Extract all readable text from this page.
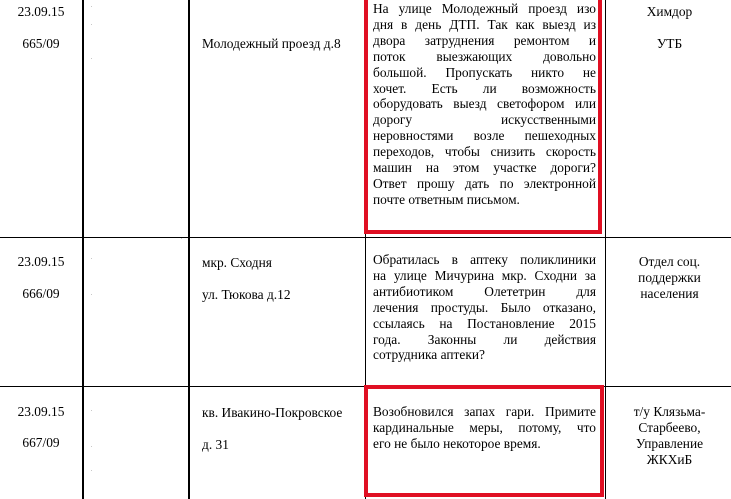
23.09.15
665/09	Молодежный проезд д.8
На улице Молодежный проезд изо
дня в день ДТП. Так как выезд из
двора затруднения ремонтом и
поток выезжающих довольно
большой. Пропускать никто не
хочет. Есть ли возможность
оборудовать выезд светофором или
дорогу искусственными
неровностями возле пешеходных
переходов, чтобы снизить скорость
машин на этом участке дороги?
Ответ прошу дать по электронной
почте ответным письмом.
Химдор
УТБ
23.09.15
666/09
мкр. Сходня
ул. Тюкова д.12
Обратилась в аптеку поликлиники
на улице Мичурина мкр. Сходни за
антибиотиком Олететрин для
лечения простуды. Было отказано,
ссылаясь на Постановление 2015
года. Законны ли действия
сотрудника аптеки?
Отдел соц.
поддержки
населения
23.09.15
667/09
кв. Ивакино-Покровское
д. 31
Возобновился запах гари. Примите
кардинальные меры, потому, что
его не было некоторое время.
т/у Клязьма-
Старбеево,
Управление
ЖКХиБ
